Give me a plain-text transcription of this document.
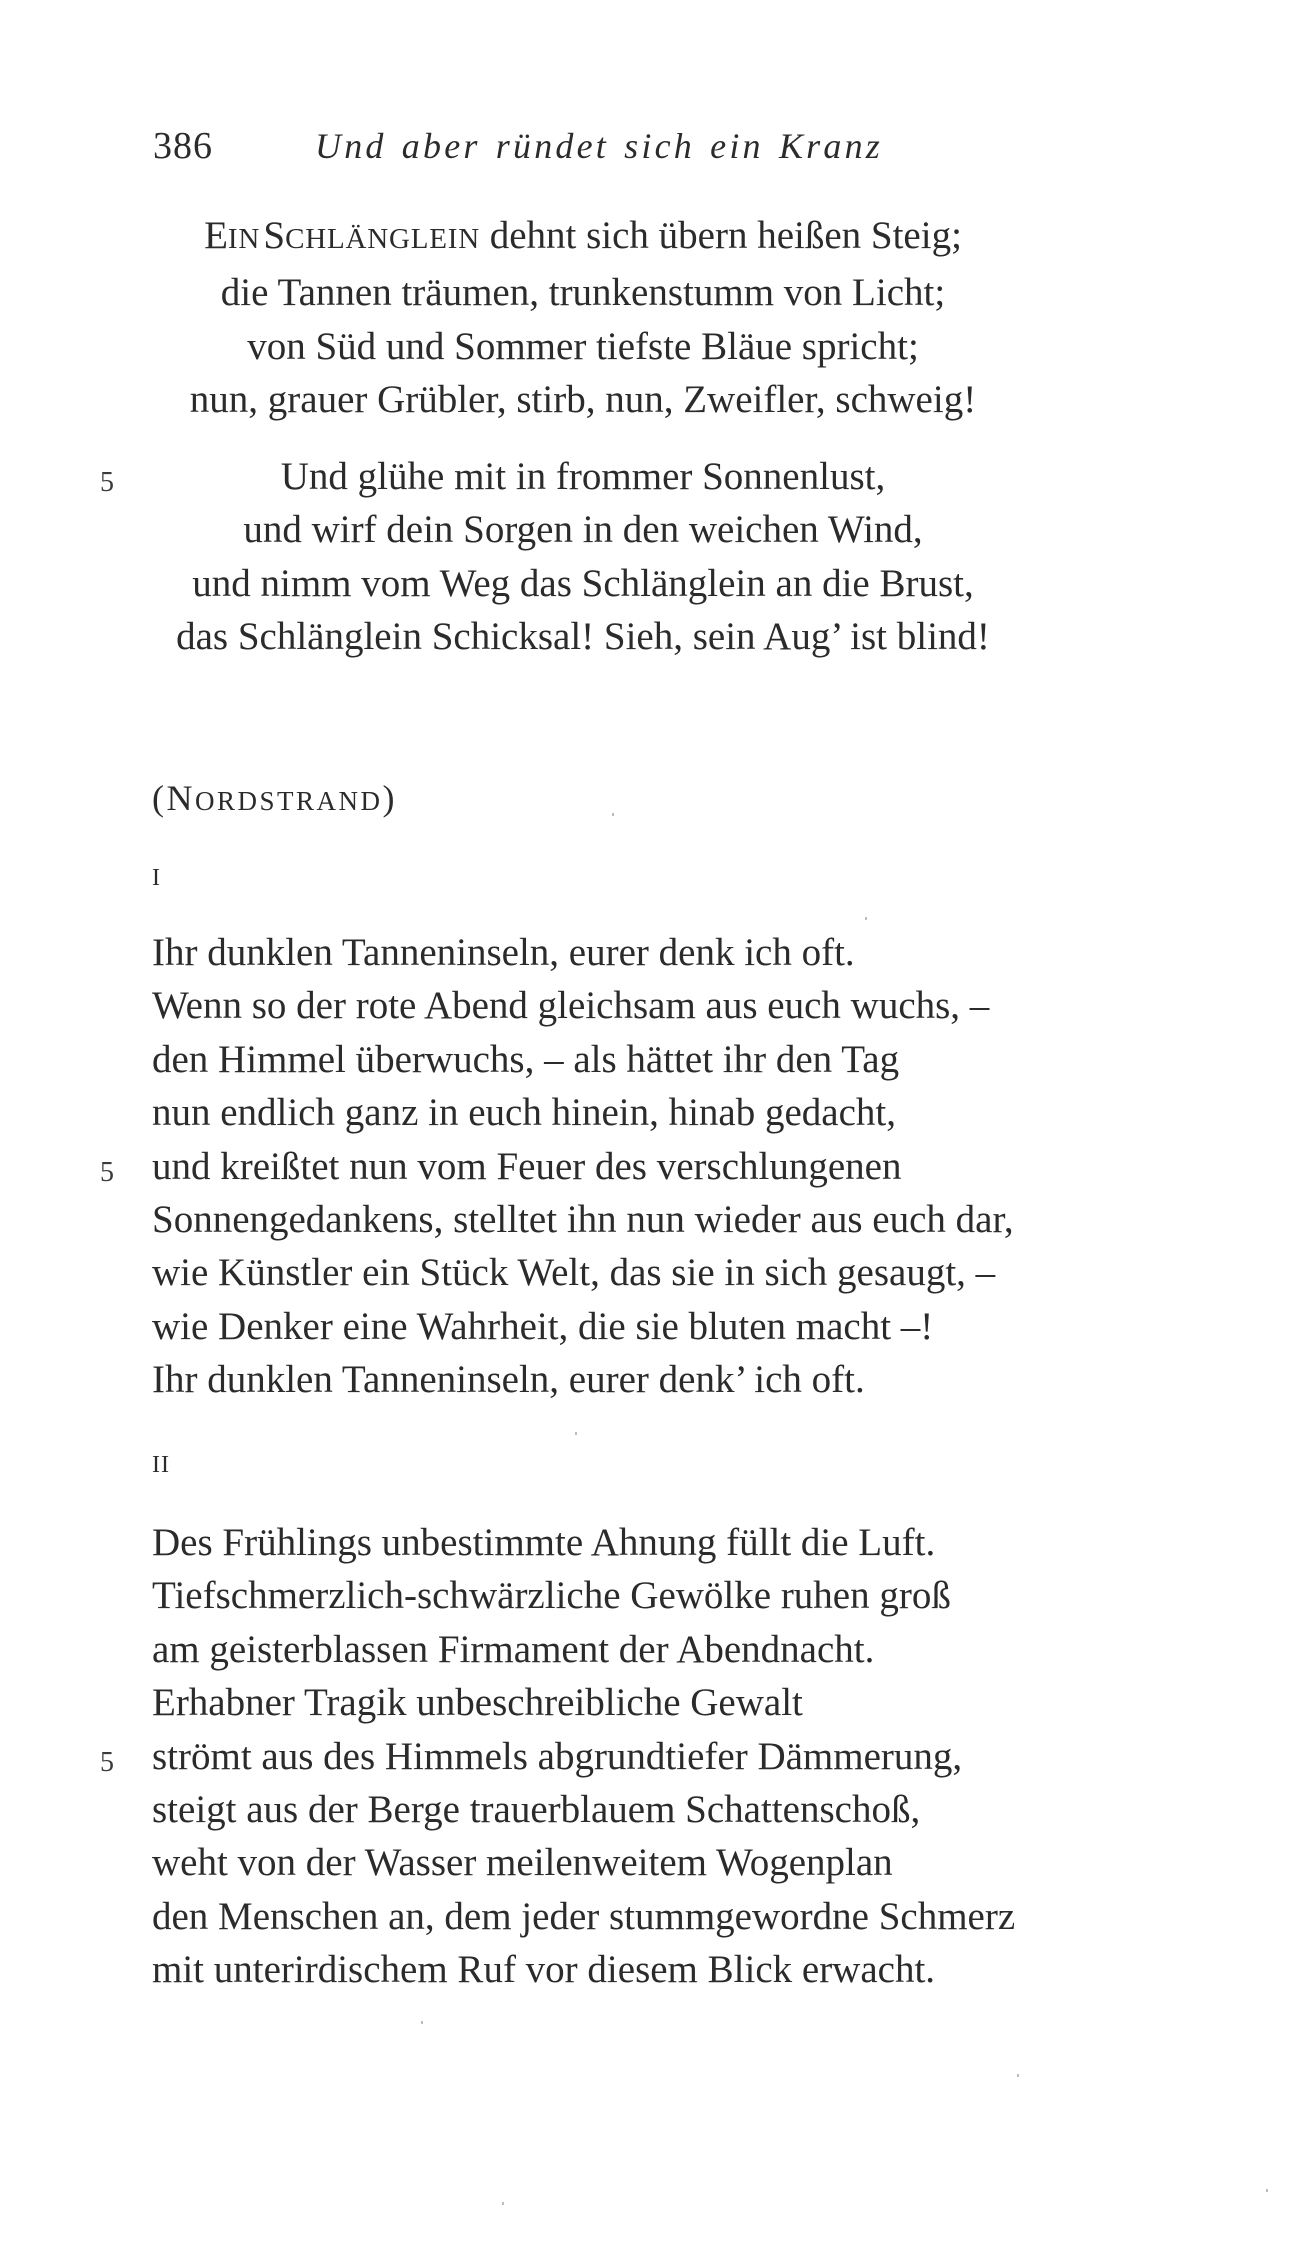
386	Und aber ründet sich ein Kranz
EIN SCHLÄNGLEIN dehnt sich übern heißen Steig;
die Tannen träumen, trunkenstumm von Licht;
von Süd und Sommer tiefste Bläue spricht;
nun, grauer Grübler, stirb, nun, Zweifler, schweig!
5	Und glühe mit in frommer Sonnenlust,
und wirf dein Sorgen in den weichen Wind,
und nimm vom Weg das Schlänglein an die Brust,
das Schlänglein Schicksal! Sieh, sein Aug’ ist blind!
(NORDSTRAND)
I
Ihr dunklen Tanneninseln, eurer denk ich oft.
Wenn so der rote Abend gleichsam aus euch wuchs, –
den Himmel überwuchs, – als hättet ihr den Tag
nun endlich ganz in euch hinein, hinab gedacht,
und kreißtet nun vom Feuer des verschlungenen
Sonnengedankens, stelltet ihn nun wieder aus euch dar,
wie Künstler ein Stück Welt, das sie in sich gesaugt, –
wie Denker eine Wahrheit, die sie bluten macht –!
Ihr dunklen Tanneninseln, eurer denk’ ich oft.
5
II
Des Frühlings unbestimmte Ahnung füllt die Luft.
Tiefschmerzlich-schwärzliche Gewölke ruhen groß
am geisterblassen Firmament der Abendnacht.
Erhabner Tragik unbeschreibliche Gewalt
strömt aus des Himmels abgrundtiefer Dämmerung,
steigt aus der Berge trauerblauem Schattenschoß,
weht von der Wasser meilenweitem Wogenplan
den Menschen an, dem jeder stummgewordne Schmerz
mit unterirdischem Ruf vor diesem Blick erwacht.
5
